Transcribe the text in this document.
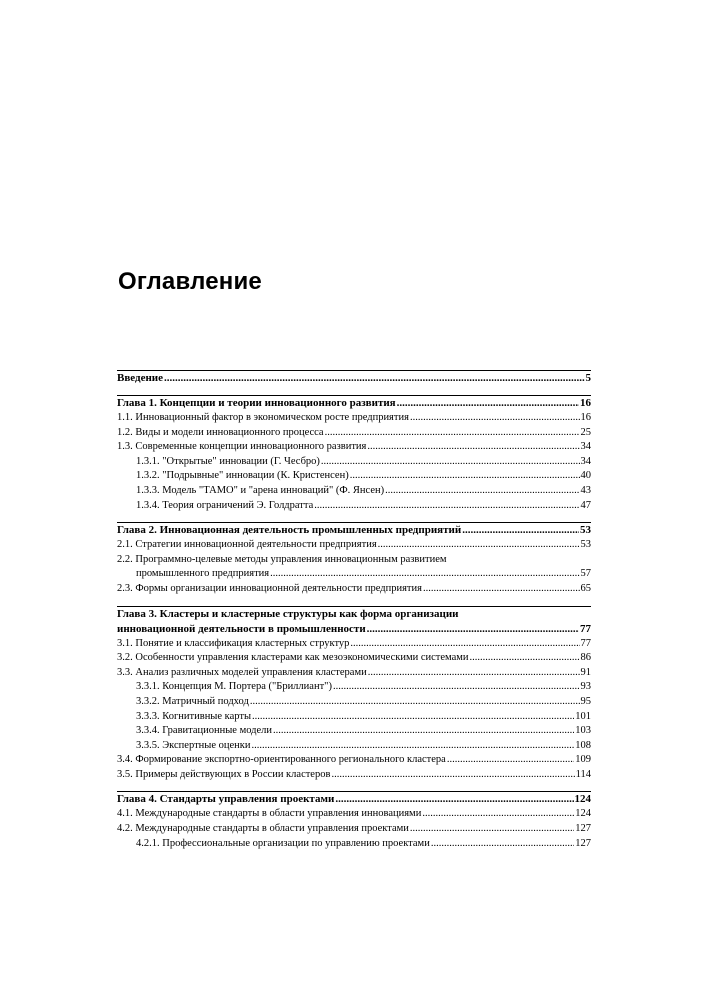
Оглавление
Введение .....	5
Глава 1. Концепции и теории инновационного развития .....	16
1.1. Инновационный фактор в экономическом росте предприятия .....	16
1.2. Виды и модели инновационного процесса .....	25
1.3. Современные концепции инновационного развития .....	34
1.3.1. "Открытые" инновации (Г. Чесбро) .....	34
1.3.2. "Подрывные" инновации (К. Кристенсен) .....	40
1.3.3. Модель "ТАМО" и "арена инноваций" (Ф. Янсен) .....	43
1.3.4. Теория ограничений Э. Голдратта .....	47
Глава 2. Инновационная деятельность промышленных предприятий .....	53
2.1. Стратегии инновационной деятельности предприятия .....	53
2.2. Программно-целевые методы управления инновационным развитием
промышленного предприятия .....	57
2.3. Формы организации инновационной деятельности предприятия .....	65
Глава 3. Кластеры и кластерные структуры как форма организации
инновационной деятельности в промышленности .....	77
3.1. Понятие и классификация кластерных структур .....	77
3.2. Особенности управления кластерами как мезоэкономическими системами .....	86
3.3. Анализ различных моделей управления кластерами .....	91
3.3.1. Концепция М. Портера ("Бриллиант") .....	93
3.3.2. Матричный подход .....	95
3.3.3. Когнитивные карты .....	101
3.3.4. Гравитационные модели .....	103
3.3.5. Экспертные оценки .....	108
3.4. Формирование экспортно-ориентированного регионального кластера .....	109
3.5. Примеры действующих в России кластеров .....	114
Глава 4. Стандарты управления проектами .....	124
4.1. Международные стандарты в области управления инновациями .....	124
4.2. Международные стандарты в области управления проектами .....	127
4.2.1. Профессиональные организации по управлению проектами .....	127
